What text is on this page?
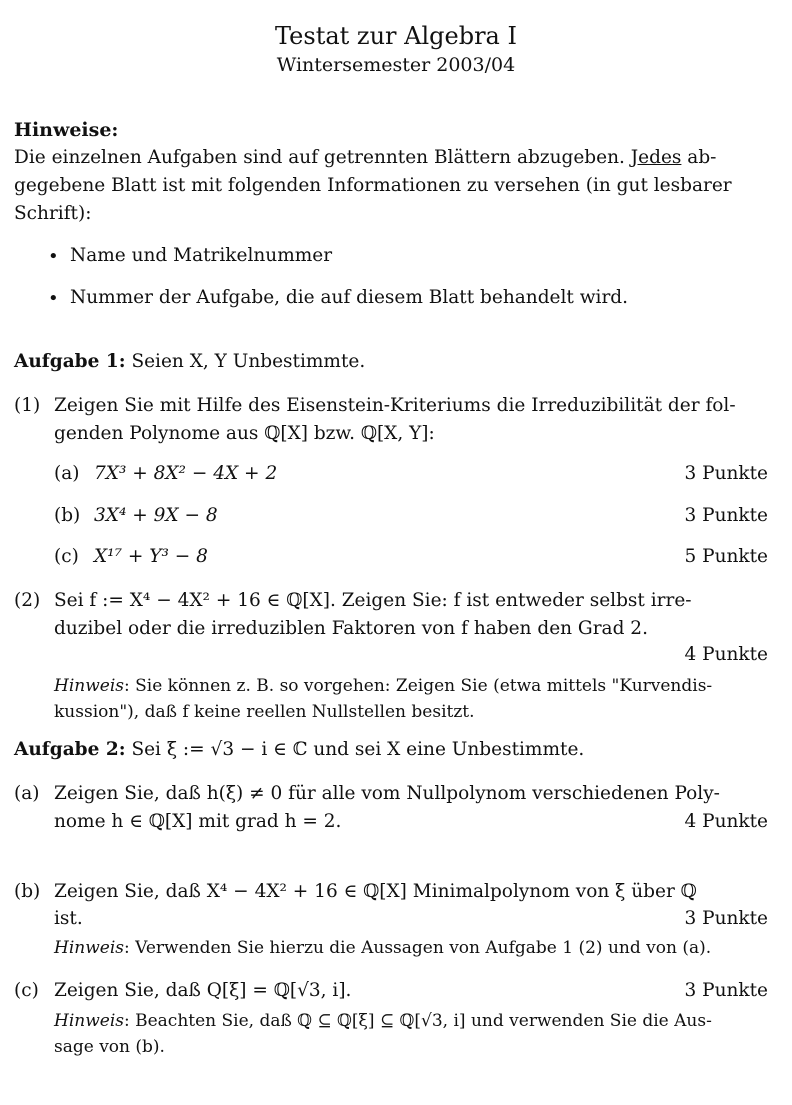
Testat zur Algebra I
Wintersemester 2003/04
Hinweise:
Die einzelnen Aufgaben sind auf getrennten Blättern abzugeben. Jedes ab-
gegebene Blatt ist mit folgenden Informationen zu versehen (in gut lesbarer
Schrift):
• Name und Matrikelnummer
• Nummer der Aufgabe, die auf diesem Blatt behandelt wird.
Aufgabe 1: Seien X, Y Unbestimmte.
(1) Zeigen Sie mit Hilfe des Eisenstein-Kriteriums die Irreduzibilität der fol-
genden Polynome aus ℚ[X] bzw. ℚ[X, Y]:
(a) 7X³ + 8X² − 4X + 2	3 Punkte
(b) 3X⁴ + 9X − 8	3 Punkte
(c) X¹⁷ + Y³ − 8	5 Punkte
(2) Sei f := X⁴ − 4X² + 16 ∈ ℚ[X]. Zeigen Sie: f ist entweder selbst irre-
duzibel oder die irreduziblen Faktoren von f haben den Grad 2.
4 Punkte
Hinweis: Sie können z. B. so vorgehen: Zeigen Sie (etwa mittels "Kurvendis-
kussion"), daß f keine reellen Nullstellen besitzt.
Aufgabe 2: Sei ξ := √3 − i ∈ ℂ und sei X eine Unbestimmte.
(a) Zeigen Sie, daß h(ξ) ≠ 0 für alle vom Nullpolynom verschiedenen Poly-
nome h ∈ ℚ[X] mit grad h = 2.	4 Punkte
(b) Zeigen Sie, daß X⁴ − 4X² + 16 ∈ ℚ[X] Minimalpolynom von ξ über ℚ
ist.	3 Punkte
Hinweis: Verwenden Sie hierzu die Aussagen von Aufgabe 1 (2) und von (a).
(c) Zeigen Sie, daß Q[ξ] = ℚ[√3, i].	3 Punkte
Hinweis: Beachten Sie, daß ℚ ⊆ ℚ[ξ] ⊆ ℚ[√3, i] und verwenden Sie die Aus-
sage von (b).
